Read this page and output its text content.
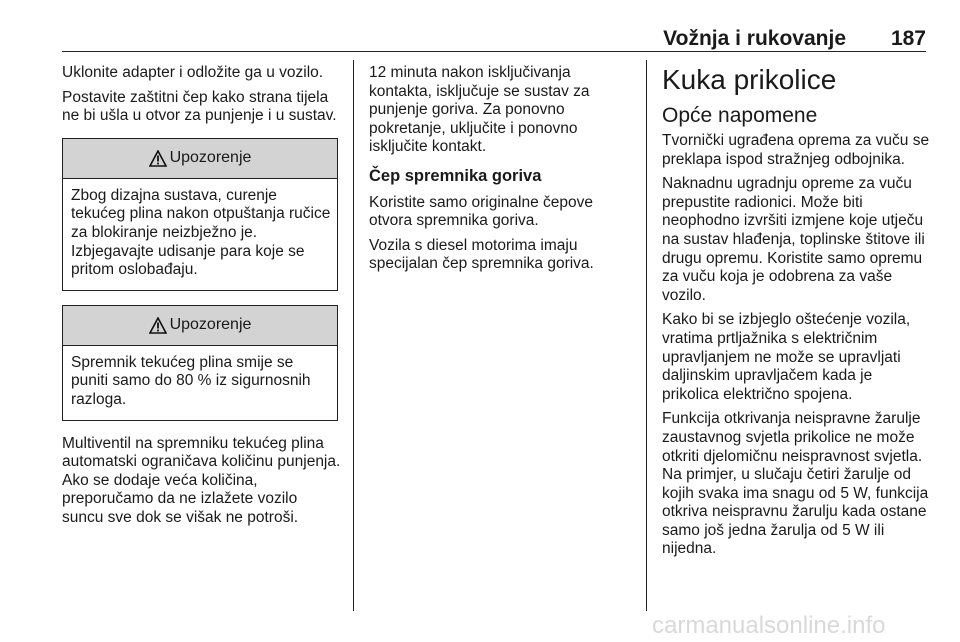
Vožnja i rukovanje 187

Uklonite adapter i odložite ga u vozilo.

Postavite zaštitni čep kako strana tijela ne bi ušla u otvor za punjenje i u sustav.

Upozorenje
Zbog dizajna sustava, curenje tekućeg plina nakon otpuštanja ručice za blokiranje neizbježno je. Izbjegavajte udisanje para koje se pritom oslobađaju.
Upozorenje
Spremnik tekućeg plina smije se puniti samo do 80 % iz sigurnosnih razloga.

Multiventil na spremniku tekućeg plina automatski ograničava količinu punjenja. Ako se dodaje veća količina, preporučamo da ne izlažete vozilo suncu sve dok se višak ne potroši.

12 minuta nakon isključivanja kontakta, isključuje se sustav za punjenje goriva. Za ponovno pokretanje, uključite i ponovno isključite kontakt.

Čep spremnika goriva

Koristite samo originalne čepove otvora spremnika goriva.

Vozila s diesel motorima imaju specijalan čep spremnika goriva.

Kuka prikolice
Opće napomene

Tvornički ugrađena oprema za vuču se preklapa ispod stražnjeg odbojnika.

Naknadnu ugradnju opreme za vuču prepustite radionici. Može biti neophodno izvršiti izmjene koje utječu na sustav hlađenja, toplinske štitove ili drugu opremu. Koristite samo opremu za vuču koja je odobrena za vaše vozilo.

Kako bi se izbjeglo oštećenje vozila, vratima prtljažnika s električnim upravljanjem ne može se upravljati daljinskim upravljačem kada je prikolica električno spojena.

Funkcija otkrivanja neispravne žarulje zaustavnog svjetla prikolice ne može otkriti djelomičnu neispravnost svjetla. Na primjer, u slučaju četiri žarulje od kojih svaka ima snagu od 5 W, funkcija otkriva neispravnu žarulju kada ostane samo još jedna žarulja od 5 W ili nijedna.

carmanualsonline.info
